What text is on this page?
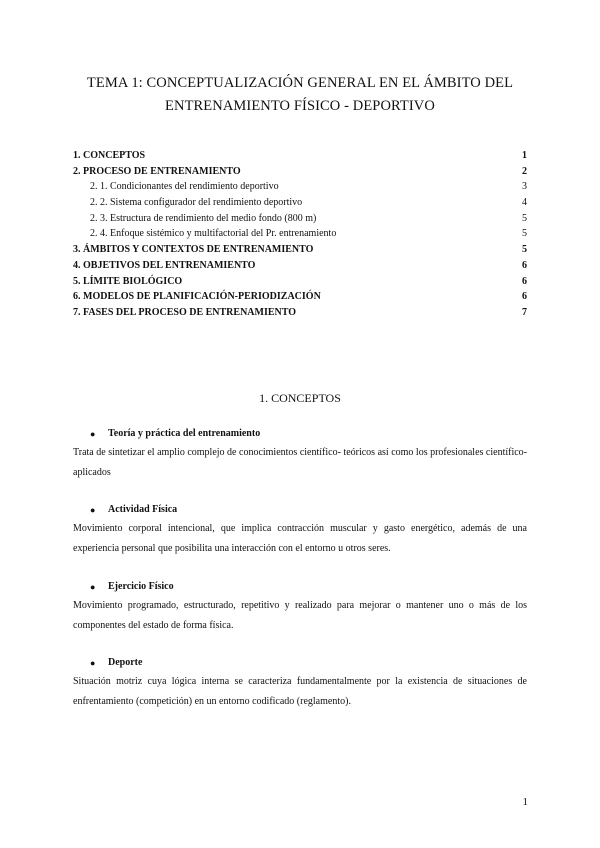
TEMA 1: CONCEPTUALIZACIÓN GENERAL EN EL ÁMBITO DEL
ENTRENAMIENTO FÍSICO - DEPORTIVO
1. CONCEPTOS	1
2. PROCESO DE ENTRENAMIENTO	2
2. 1. Condicionantes del rendimiento deportivo	3
2. 2. Sistema configurador del rendimiento deportivo	4
2. 3. Estructura de rendimiento del medio fondo (800 m)	5
2. 4. Enfoque sistémico y multifactorial del Pr. entrenamiento	5
3. ÁMBITOS Y CONTEXTOS DE ENTRENAMIENTO	5
4. OBJETIVOS DEL ENTRENAMIENTO	6
5. LÍMITE BIOLÓGICO	6
6. MODELOS DE PLANIFICACIÓN-PERIODIZACIÓN	6
7. FASES DEL PROCESO DE ENTRENAMIENTO	7
1. CONCEPTOS
● Teoría y práctica del entrenamiento
Trata de sintetizar el amplio complejo de conocimientos científico- teóricos así como los profesionales científico-aplicados
● Actividad Física
Movimiento corporal intencional, que implica contracción muscular y gasto energético, además de una experiencia personal que posibilita una interacción con el entorno u otros seres.
● Ejercicio Físico
Movimiento programado, estructurado, repetitivo y realizado para mejorar o mantener uno o más de los componentes del estado de forma física.
● Deporte
Situación motriz cuya lógica interna se caracteriza fundamentalmente por la existencia de situaciones de enfrentamiento (competición) en un entorno codificado (reglamento).
1
